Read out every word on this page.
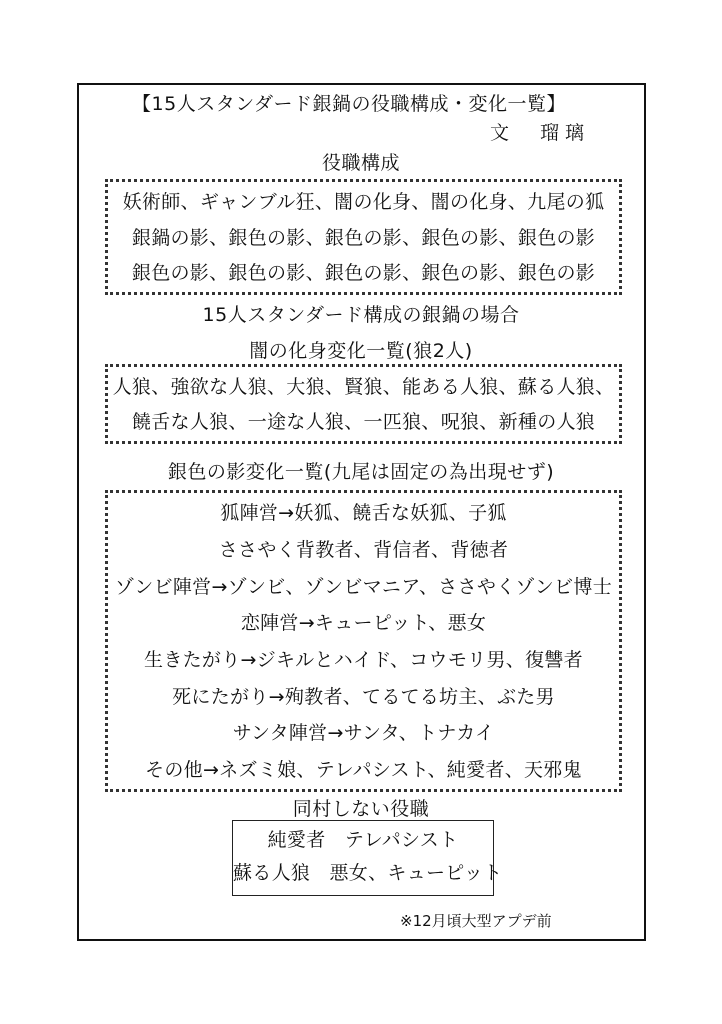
【15人スタンダード銀鍋の役職構成・変化一覧】
文　瑠璃
役職構成
妖術師、ギャンブル狂、闇の化身、闇の化身、九尾の狐
銀鍋の影、銀色の影、銀色の影、銀色の影、銀色の影
銀色の影、銀色の影、銀色の影、銀色の影、銀色の影
15人スタンダード構成の銀鍋の場合
闇の化身変化一覧(狼2人)
人狼、強欲な人狼、大狼、賢狼、能ある人狼、蘇る人狼、
饒舌な人狼、一途な人狼、一匹狼、呪狼、新種の人狼
銀色の影変化一覧(九尾は固定の為出現せず)
狐陣営→妖狐、饒舌な妖狐、子狐
ささやく背教者、背信者、背徳者
ゾンビ陣営→ゾンビ、ゾンビマニア、ささやくゾンビ博士
恋陣営→キューピット、悪女
生きたがり→ジキルとハイド、コウモリ男、復讐者
死にたがり→殉教者、てるてる坊主、ぶた男
サンタ陣営→サンタ、トナカイ
その他→ネズミ娘、テレパシスト、純愛者、天邪鬼
同村しない役職
純愛者　テレパシスト
蘇る人狼　悪女、キューピット
※12月頃大型アプデ前
